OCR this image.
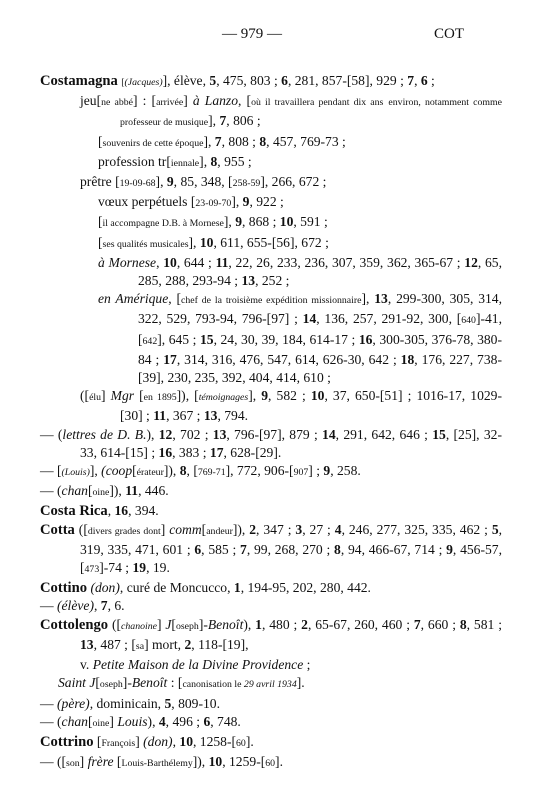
— 979 —	COT

Costamagna [(Jacques)], élève, 5, 475, 803 ; 6, 281, 857-[58], 929 ; 7, 6 ;

jeu[ne abbé] : [arrivée] à Lanzo, [où il travaillera pendant dix ans environ, notamment comme professeur de musique], 7, 806 ;

[souvenirs de cette époque], 7, 808 ; 8, 457, 769-73 ;

profession tr[iennale], 8, 955 ;

prêtre [19-09-68], 9, 85, 348, [258-59], 266, 672 ;

vœux perpétuels [23-09-70], 9, 922 ;

[il accompagne D.B. à Mornese], 9, 868 ; 10, 591 ;

[ses qualités musicales], 10, 611, 655-[56], 672 ;

à Mornese, 10, 644 ; 11, 22, 26, 233, 236, 307, 359, 362, 365-67 ; 12, 65, 285, 288, 293-94 ; 13, 252 ;

en Amérique, [chef de la troisième expédition missionnaire], 13, 299-300, 305, 314, 322, 529, 793-94, 796-[97] ; 14, 136, 257, 291-92, 300, [640]-41, [642], 645 ; 15, 24, 30, 39, 184, 614-17 ; 16, 300-305, 376-78, 380-84 ; 17, 314, 316, 476, 547, 614, 626-30, 642 ; 18, 176, 227, 738-[39], 230, 235, 392, 404, 414, 610 ;

([élu] Mgr [en 1895]), [témoignages], 9, 582 ; 10, 37, 650-[51] ; 1016-17, 1029-[30] ; 11, 367 ; 13, 794.

— (lettres de D. B.), 12, 702 ; 13, 796-[97], 879 ; 14, 291, 642, 646 ; 15, [25], 32-33, 614-[15] ; 16, 383 ; 17, 628-[29].

— [(Louis)], (coop[érateur]), 8, [769-71], 772, 906-[907] ; 9, 258.

— (chan[oine]), 11, 446.

Costa Rica, 16, 394.

Cotta ([divers grades dont] comm[andeur]), 2, 347 ; 3, 27 ; 4, 246, 277, 325, 335, 462 ; 5, 319, 335, 471, 601 ; 6, 585 ; 7, 99, 268, 270 ; 8, 94, 466-67, 714 ; 9, 456-57, [473]-74 ; 19, 19.

Cottino (don), curé de Moncucco, 1, 194-95, 202, 280, 442.

— (élève), 7, 6.

Cottolengo ([chanoine] J[oseph]-Benoît), 1, 480 ; 2, 65-67, 260, 460 ; 7, 660 ; 8, 581 ; 13, 487 ; [sa] mort, 2, 118-[19],

v. Petite Maison de la Divine Providence ;

Saint J[oseph]-Benoît : [canonisation le 29 avril 1934].

— (père), dominicain, 5, 809-10.

— (chan[oine] Louis), 4, 496 ; 6, 748.

Cottrino [François] (don), 10, 1258-[60].

— ([son] frère [Louis-Barthélemy]), 10, 1259-[60].
